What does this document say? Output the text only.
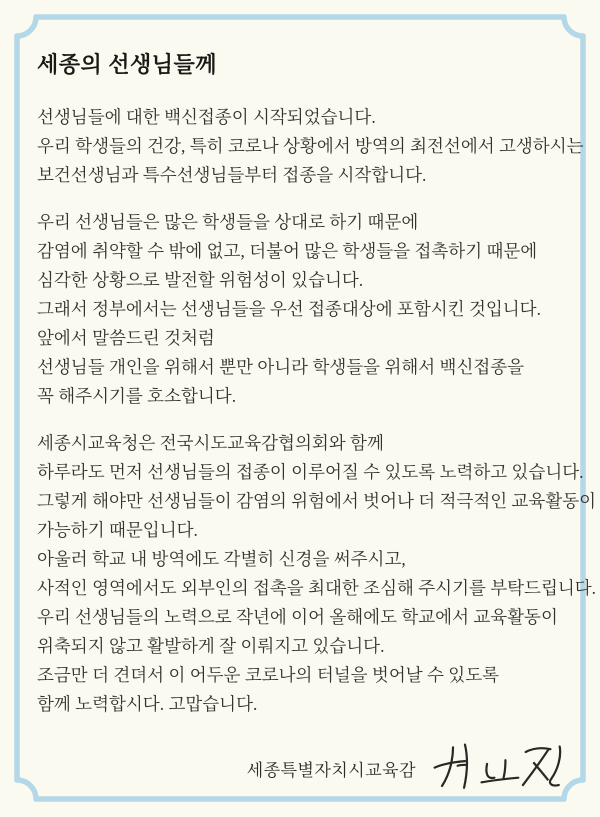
세종의 선생님들께

선생님들에 대한 백신접종이 시작되었습니다.
우리 학생들의 건강, 특히 코로나 상황에서 방역의 최전선에서 고생하시는
보건선생님과 특수선생님들부터 접종을 시작합니다.

우리 선생님들은 많은 학생들을 상대로 하기 때문에
감염에 취약할 수 밖에 없고, 더불어 많은 학생들을 접촉하기 때문에
심각한 상황으로 발전할 위험성이 있습니다.
그래서 정부에서는 선생님들을 우선 접종대상에 포함시킨 것입니다.
앞에서 말씀드린 것처럼
선생님들 개인을 위해서 뿐만 아니라 학생들을 위해서 백신접종을
꼭 해주시기를 호소합니다.

세종시교육청은 전국시도교육감협의회와 함께
하루라도 먼저 선생님들의 접종이 이루어질 수 있도록 노력하고 있습니다.
그렇게 해야만 선생님들이 감염의 위험에서 벗어나 더 적극적인 교육활동이
가능하기 때문입니다.
아울러 학교 내 방역에도 각별히 신경을 써주시고,
사적인 영역에서도 외부인의 접촉을 최대한 조심해 주시기를 부탁드립니다.
우리 선생님들의 노력으로 작년에 이어 올해에도 학교에서 교육활동이
위축되지 않고 활발하게 잘 이뤄지고 있습니다.
조금만 더 견뎌서 이 어두운 코로나의 터널을 벗어날 수 있도록
함께 노력합시다. 고맙습니다.

세종특별자치시교육감
